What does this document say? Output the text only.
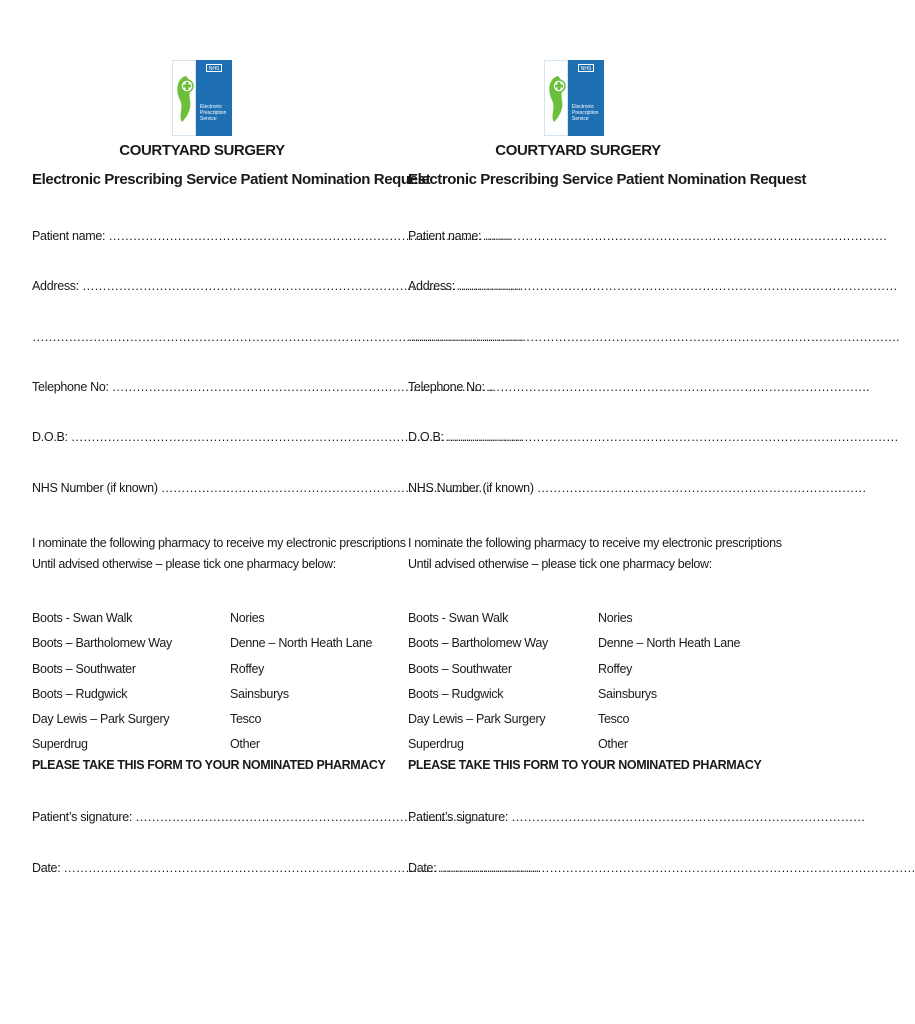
NHS
Electronic Prescription Service
COURTYARD SURGERY
Electronic Prescribing Service Patient Nomination Request
Patient name: ………………………………………………………………………………………
Address: ………………………………………………………………………………………………
………………………………………………………………………………………………………….
Telephone No: ………………………………………………………………………………….
D.O.B: …………………………………………………………………………………………………
NHS Number (if known) ………………………………………………………………………
I nominate the following pharmacy to receive my electronic prescriptions
Until advised otherwise – please tick one pharmacy below:
Boots - Swan Walk
Boots – Bartholomew Way
Boots – Southwater
Boots – Rudgwick
Day Lewis – Park Surgery
Superdrug
Nories
Denne – North Heath Lane
Roffey
Sainsburys
Tesco
Other
PLEASE TAKE THIS FORM TO YOUR NOMINATED PHARMACY
Patient’s signature: ……………………………………………………………………………
Date: ………………………………………………………………………………………………………
NHS
Electronic Prescription Service
COURTYARD SURGERY
Electronic Prescribing Service Patient Nomination Request
Patient name: ………………………………………………………………………………………
Address: ………………………………………………………………………………………………
………………………………………………………………………………………………………….
Telephone No: ………………………………………………………………………………….
D.O.B: …………………………………………………………………………………………………
NHS Number (if known) ………………………………………………………………………
I nominate the following pharmacy to receive my electronic prescriptions
Until advised otherwise – please tick one pharmacy below:
Boots - Swan Walk
Boots – Bartholomew Way
Boots – Southwater
Boots – Rudgwick
Day Lewis – Park Surgery
Superdrug
Nories
Denne – North Heath Lane
Roffey
Sainsburys
Tesco
Other
PLEASE TAKE THIS FORM TO YOUR NOMINATED PHARMACY
Patient’s signature: ……………………………………………………………………………
Date: ………………………………………………………………………………………………………
